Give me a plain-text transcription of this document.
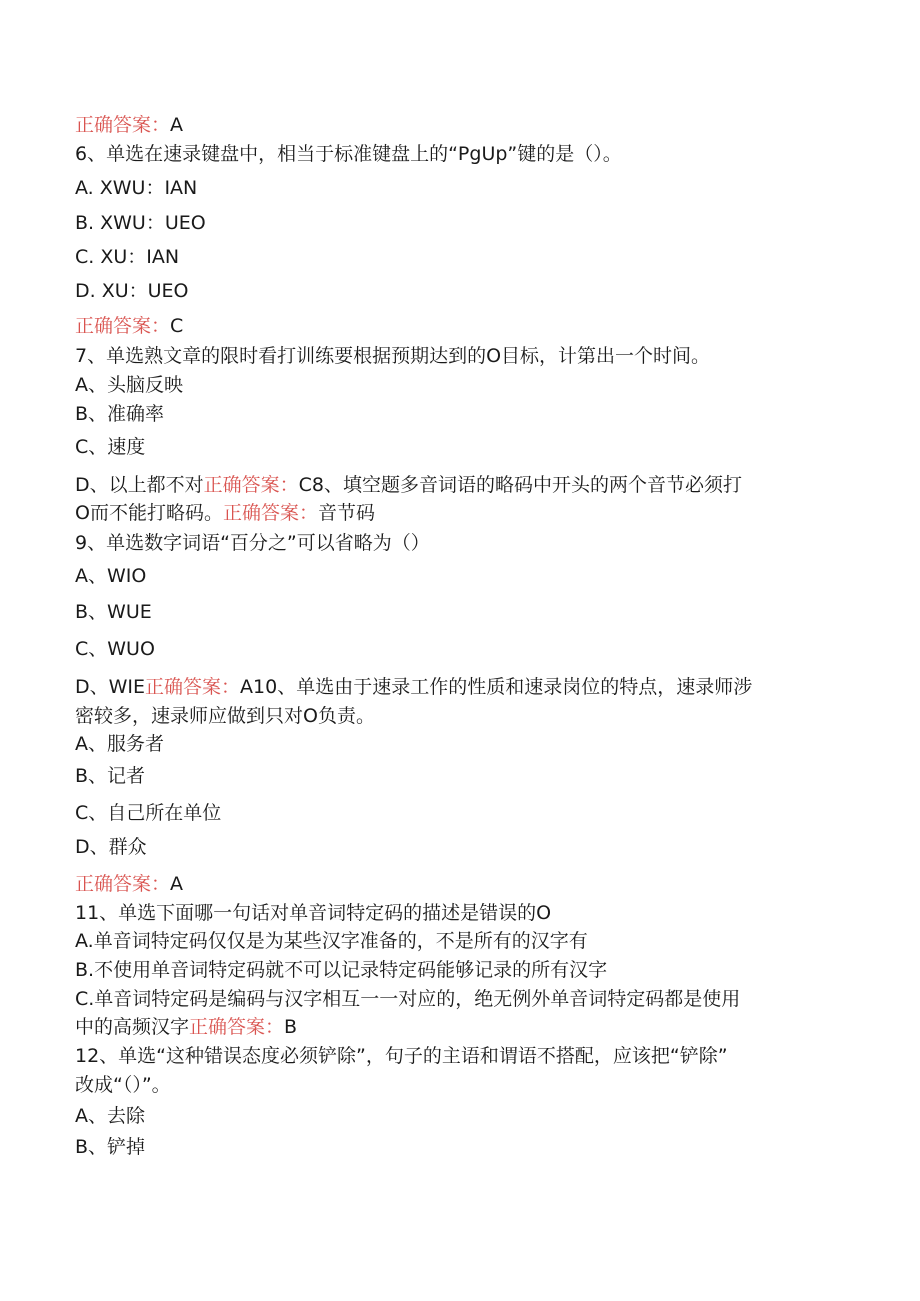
正确答案：A
6、单选在速录键盘中，相当于标准键盘上的“PgUp”键的是（）。
A. XWU：IAN
B. XWU：UEO
C. XU：IAN
D. XU：UEO
正确答案：C
7、单选熟文章的限时看打训练要根据预期达到的O目标，计第出一个时间。
A、头脑反映
B、准确率
C、速度
D、以上都不对正确答案：C8、填空题多音词语的略码中开头的两个音节必须打
O而不能打略码。正确答案：音节码
9、单选数字词语“百分之”可以省略为（）
A、WIO
B、WUE
C、WUO
D、WIE正确答案：A10、单选由于速录工作的性质和速录岗位的特点，速录师涉
密较多，速录师应做到只对O负责。
A、服务者
B、记者
C、自己所在单位
D、群众
正确答案：A
11、单选下面哪一句话对单音词特定码的描述是错误的O
A.单音词特定码仅仅是为某些汉字准备的，不是所有的汉字有
B.不使用单音词特定码就不可以记录特定码能够记录的所有汉字
C.单音词特定码是编码与汉字相互一一对应的，绝无例外单音词特定码都是使用
中的高频汉字正确答案：B
12、单选“这种错误态度必须铲除”，句子的主语和谓语不搭配，应该把“铲除”
改成“（）”。
A、去除
B、铲掉
